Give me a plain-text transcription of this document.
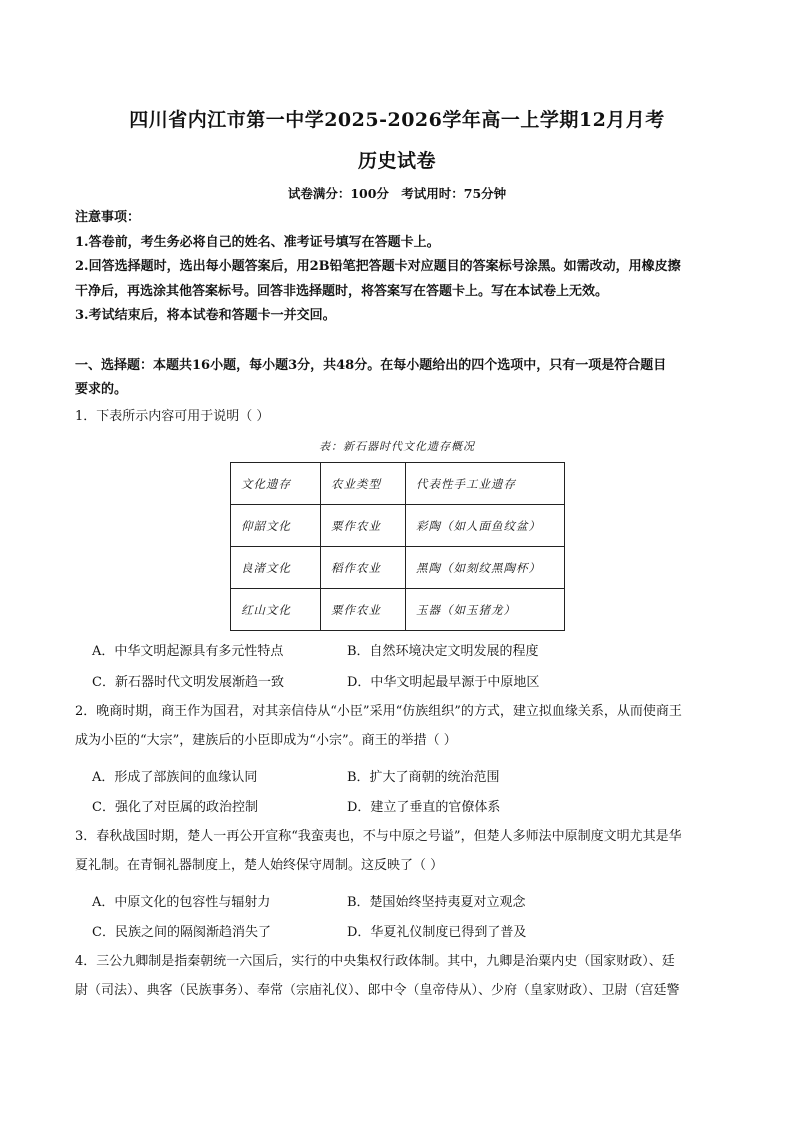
四川省内江市第一中学2025-2026学年高一上学期12月月考
历史试卷
试卷满分：100分 考试用时：75分钟

注意事项：

1.答卷前，考生务必将自己的姓名、准考证号填写在答题卡上。

2.回答选择题时，选出每小题答案后，用2B铅笔把答题卡对应题目的答案标号涂黑。如需改动，用橡皮擦

干净后，再选涂其他答案标号。回答非选择题时，将答案写在答题卡上。写在本试卷上无效。

3.考试结束后，将本试卷和答题卡一并交回。

一、选择题：本题共16小题，每小题3分，共48分。在每小题给出的四个选项中，只有一项是符合题目
要求的。
1．下表所示内容可用于说明（ ）
表：新石器时代文化遗存概况
文化遗存	农业类型	代表性手工业遗存
仰韶文化	粟作农业	彩陶（如人面鱼纹盆）
良渚文化	稻作农业	黑陶（如刻纹黑陶杯）
红山文化	粟作农业	玉器（如玉猪龙）
A．中华文明起源具有多元性特点	B．自然环境决定文明发展的程度
C．新石器时代文明发展渐趋一致	D．中华文明起最早源于中原地区
2．晚商时期，商王作为国君，对其亲信侍从“小臣”采用“仿族组织”的方式，建立拟血缘关系，从而使商王
成为小臣的“大宗”，建族后的小臣即成为“小宗”。商王的举措（ ）
A．形成了部族间的血缘认同	B．扩大了商朝的统治范围
C．强化了对臣属的政治控制	D．建立了垂直的官僚体系
3．春秋战国时期，楚人一再公开宣称“我蛮夷也，不与中原之号谥”，但楚人多师法中原制度文明尤其是华
夏礼制。在青铜礼器制度上，楚人始终保守周制。这反映了（ ）
A．中原文化的包容性与辐射力	B．楚国始终坚持夷夏对立观念
C．民族之间的隔阂渐趋消失了	D．华夏礼仪制度已得到了普及
4．三公九卿制是指秦朝统一六国后，实行的中央集权行政体制。其中，九卿是治粟内史（国家财政）、廷
尉（司法）、典客（民族事务）、奉常（宗庙礼仪）、郎中令（皇帝侍从）、少府（皇家财政）、卫尉（宫廷警
